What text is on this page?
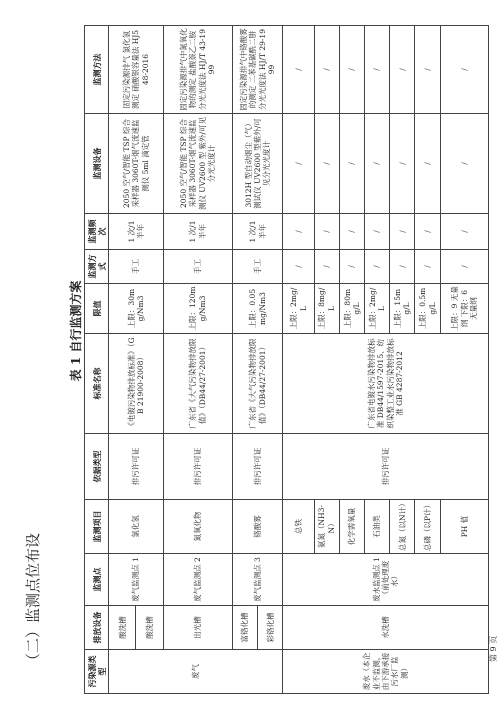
（二）监测点位布设
表 1 自行监测方案
污染源类型	排放设备	监测点	监测项目	依据类型	标准名称	限值	监测方式	监测频次	监测设备	监测方法
废气	酸洗槽	废气监测点 1	氯化氢	排污许可证	《电镀污染物排放标准》（GB 21900-2008）	上限：30mg/Nm3	手工	1 次/1 半年	2050 空气/智能 TSP 综合采样器 3060T-烟气流速监测仪 5ml 滴定管	固定污染源排气 氯化氢测定 硝酸银容量法 HJ548-2016
	酸洗槽									
	出光槽	废气监测点 2	氮氧化物	排污许可证	广东省《大气污染物排放限值》（DB44/27-2001）	上限：120mg/Nm3	手工	1 次/1 半年	2050 空气/智能 TSP 综合采样器 3060T-烟气流速监测仪 UV2600 型 紫外/可见分光光度计	固定污染源排气中氮氧化物的测定 盐酸萘乙二胺分光光度法 HJ/T 43-1999
	富铬化槽	废气监测点 3	铬酸雾	排污许可证	广东省《大气污染物排放限值》（DB44/27-2001）	上限：0.05mg/Nm3	手工	1 次/1 半年	3012H 型自动烟尘（气）测试仪 UV2600 型紫外/可见分光光度计	固定污染源排气中铬酸雾的测定 二苯基碳酰二肼分光光度法 HJ/T 29-1999
	彩铬化槽									
废水（本企业不监测，由下游承接污水厂监测）	水洗槽	废水监测点 1（前处理废水）	总铁	排污许可证	广东省电镀水污染物排放标准 DB44/1597-2015、纺织染整工业水污染物排放标准 GB 4287-2012	上限：2mg/L	/	/	/	/
			氨氮（NH3-N）			上限：8mg/L	/	/	/	/
			化学需氧量			上限：80mg/L	/	/	/	/
			石油类			上限：2mg/L	/	/	/	/
			总氮（以N计）			上限：15mg/L	/	/	/	/
			总磷（以P计）			上限：0.5mg/L	/	/	/	/
			PH 值			上限：9 无量纲 下限：6 无量纲	/	/	/	/
第 9 页
